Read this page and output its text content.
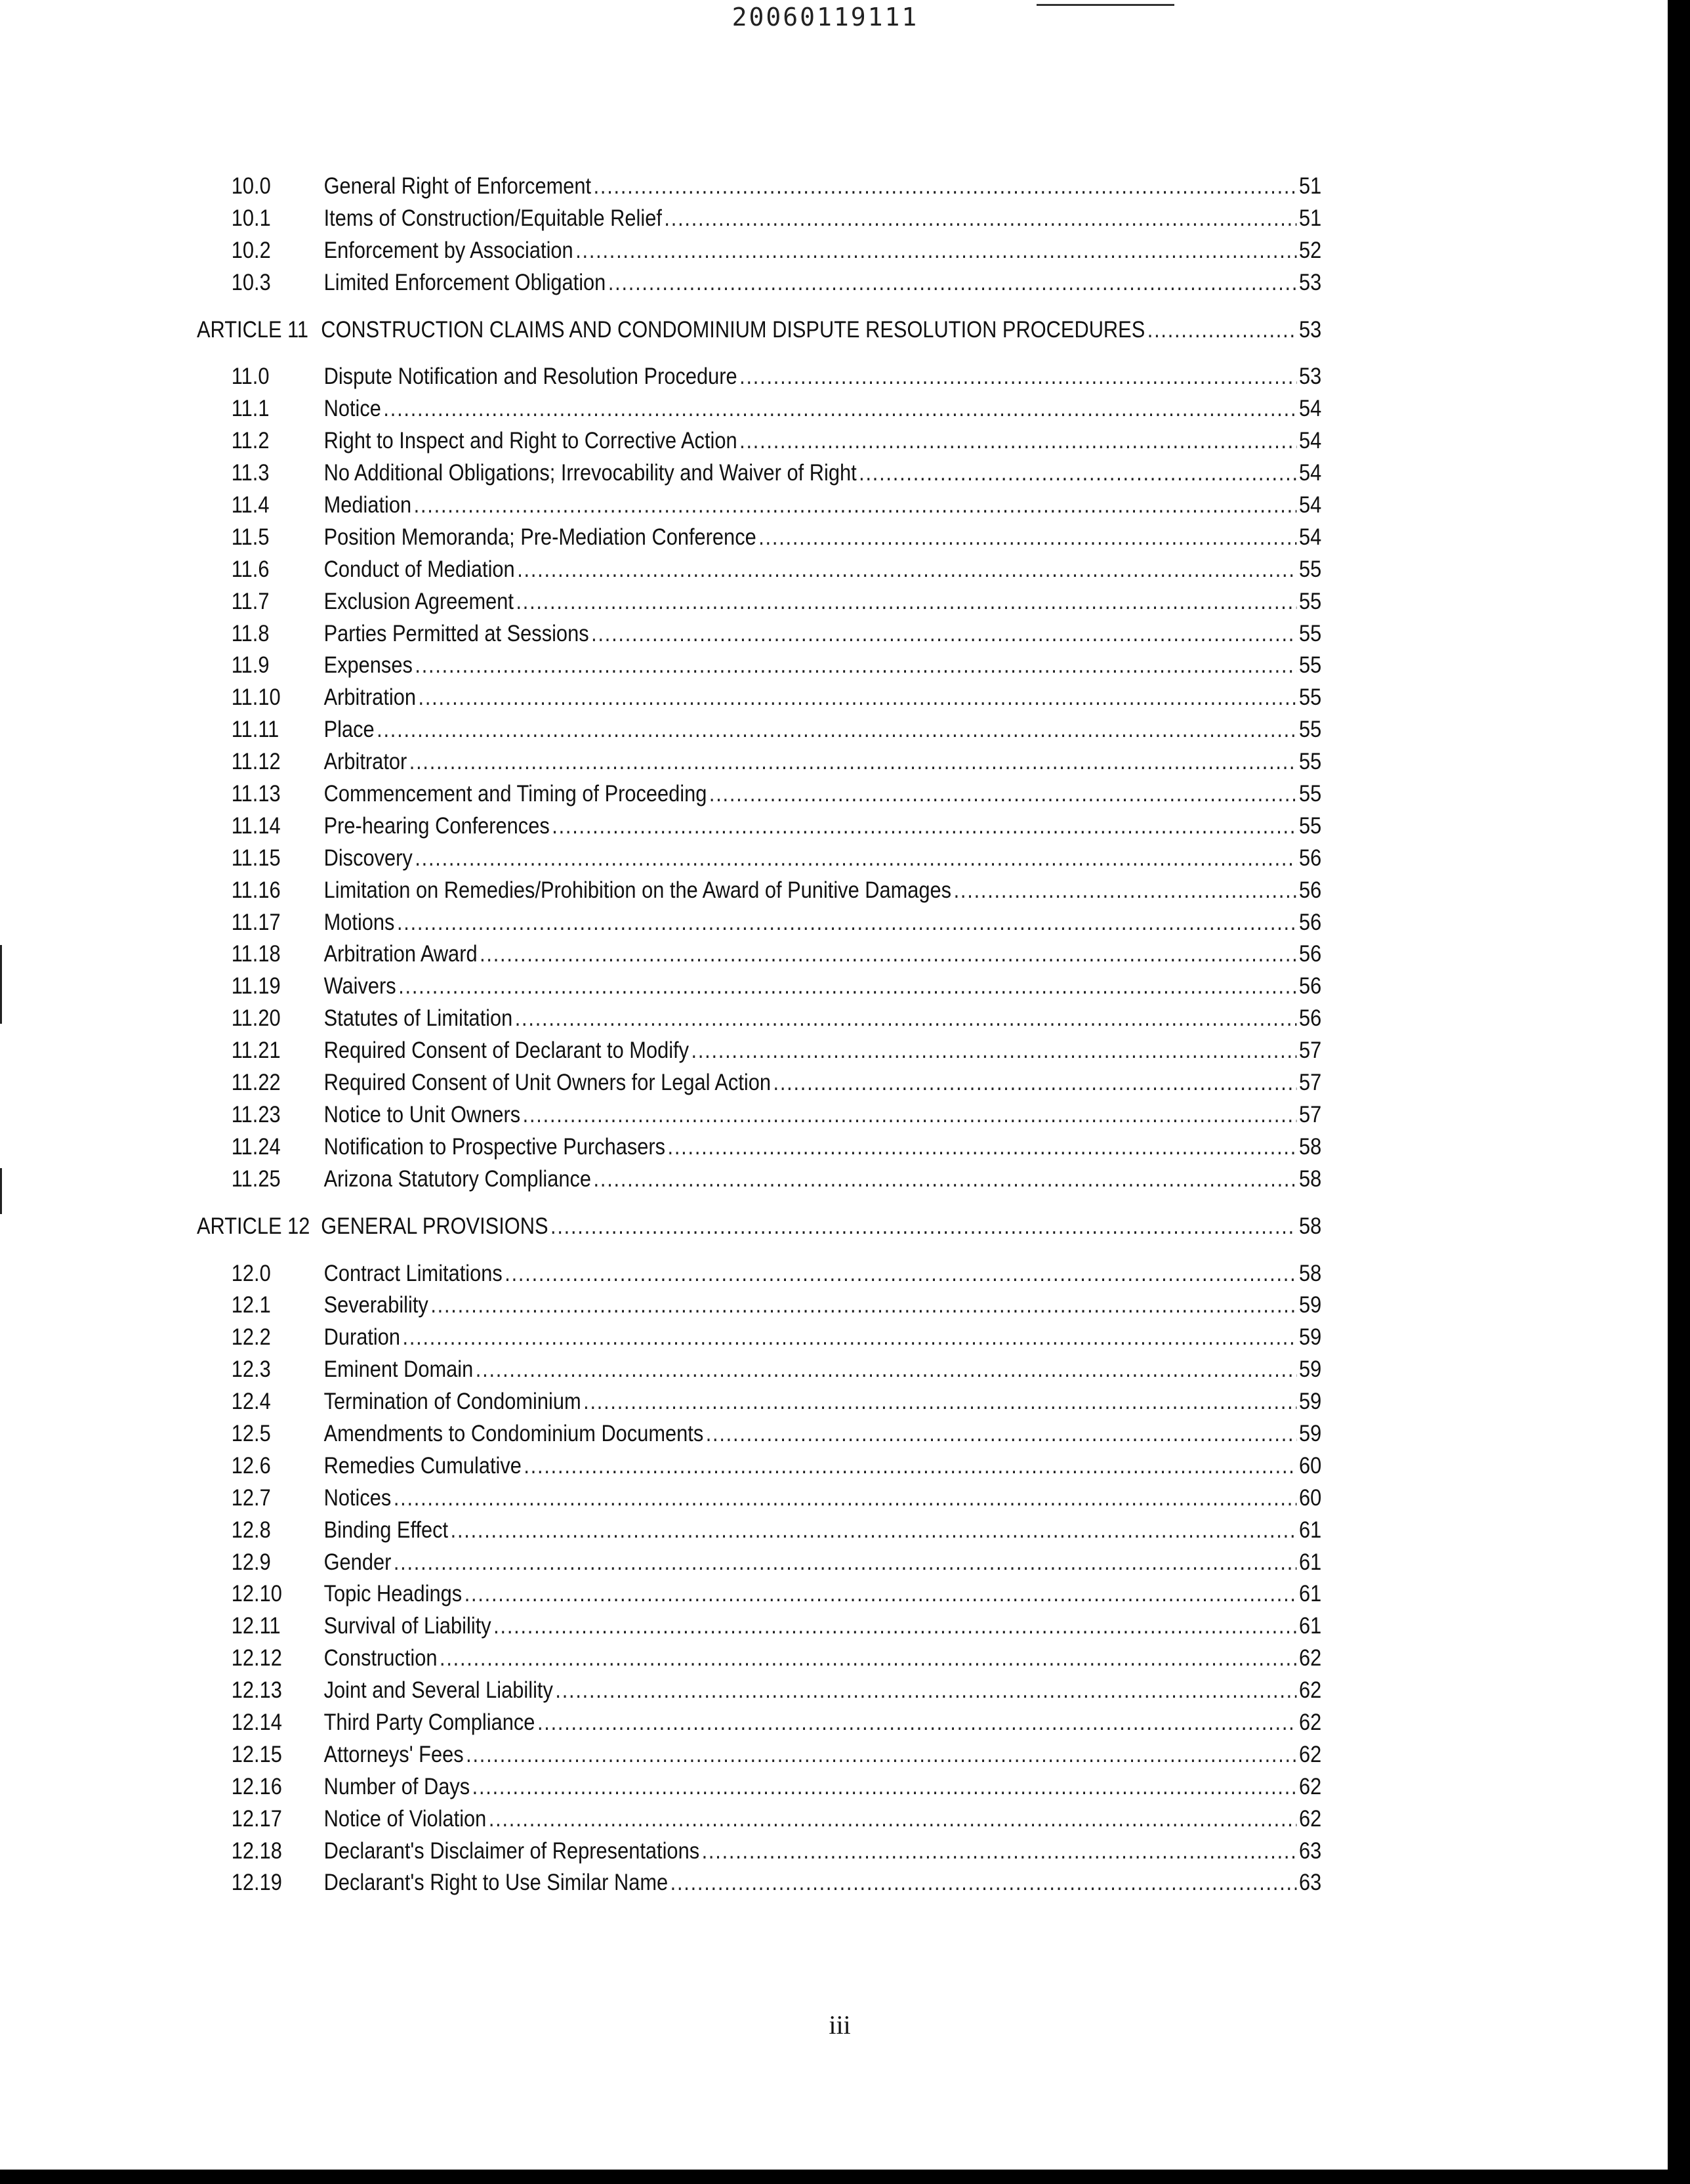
20060119111
10.0	General Right of Enforcement .....	51
10.1	Items of Construction/Equitable Relief .....	51
10.2	Enforcement by Association .....	52
10.3	Limited Enforcement Obligation .....	53
ARTICLE 11 CONSTRUCTION CLAIMS AND CONDOMINIUM DISPUTE RESOLUTION PROCEDURES .....	53
11.0	Dispute Notification and Resolution Procedure .....	53
11.1	Notice .....	54
11.2	Right to Inspect and Right to Corrective Action .....	54
11.3	No Additional Obligations; Irrevocability and Waiver of Right .....	54
11.4	Mediation .....	54
11.5	Position Memoranda; Pre-Mediation Conference .....	54
11.6	Conduct of Mediation .....	55
11.7	Exclusion Agreement .....	55
11.8	Parties Permitted at Sessions .....	55
11.9	Expenses .....	55
11.10	Arbitration .....	55
11.11	Place .....	55
11.12	Arbitrator .....	55
11.13	Commencement and Timing of Proceeding .....	55
11.14	Pre-hearing Conferences .....	55
11.15	Discovery .....	56
11.16	Limitation on Remedies/Prohibition on the Award of Punitive Damages .....	56
11.17	Motions .....	56
11.18	Arbitration Award .....	56
11.19	Waivers .....	56
11.20	Statutes of Limitation .....	56
11.21	Required Consent of Declarant to Modify .....	57
11.22	Required Consent of Unit Owners for Legal Action .....	57
11.23	Notice to Unit Owners .....	57
11.24	Notification to Prospective Purchasers .....	58
11.25	Arizona Statutory Compliance .....	58
ARTICLE 12 GENERAL PROVISIONS .....	58
12.0	Contract Limitations .....	58
12.1	Severability .....	59
12.2	Duration .....	59
12.3	Eminent Domain .....	59
12.4	Termination of Condominium .....	59
12.5	Amendments to Condominium Documents .....	59
12.6	Remedies Cumulative .....	60
12.7	Notices .....	60
12.8	Binding Effect .....	61
12.9	Gender .....	61
12.10	Topic Headings .....	61
12.11	Survival of Liability .....	61
12.12	Construction .....	62
12.13	Joint and Several Liability .....	62
12.14	Third Party Compliance .....	62
12.15	Attorneys' Fees .....	62
12.16	Number of Days .....	62
12.17	Notice of Violation .....	62
12.18	Declarant's Disclaimer of Representations .....	63
12.19	Declarant's Right to Use Similar Name .....	63
iii
